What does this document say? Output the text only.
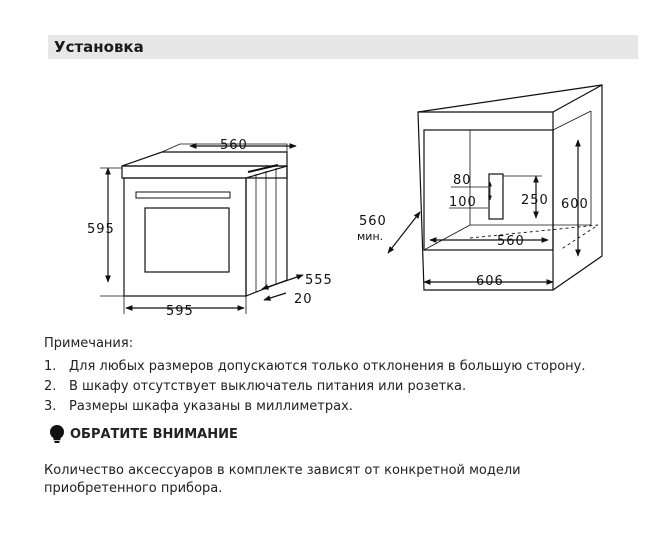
Установка
560
595
595
555
20
560
мин.
80
100	250 600
560
606
Примечания:
1. Для любых размеров допускаются только отклонения в большую сторону.
2. В шкафу отсутствует выключатель питания или розетка.
3. Размеры шкафа указаны в миллиметрах.
ОБРАТИТЕ ВНИМАНИЕ
Количество аксессуаров в комплекте зависят от конкретной модели приобретенного прибора.
